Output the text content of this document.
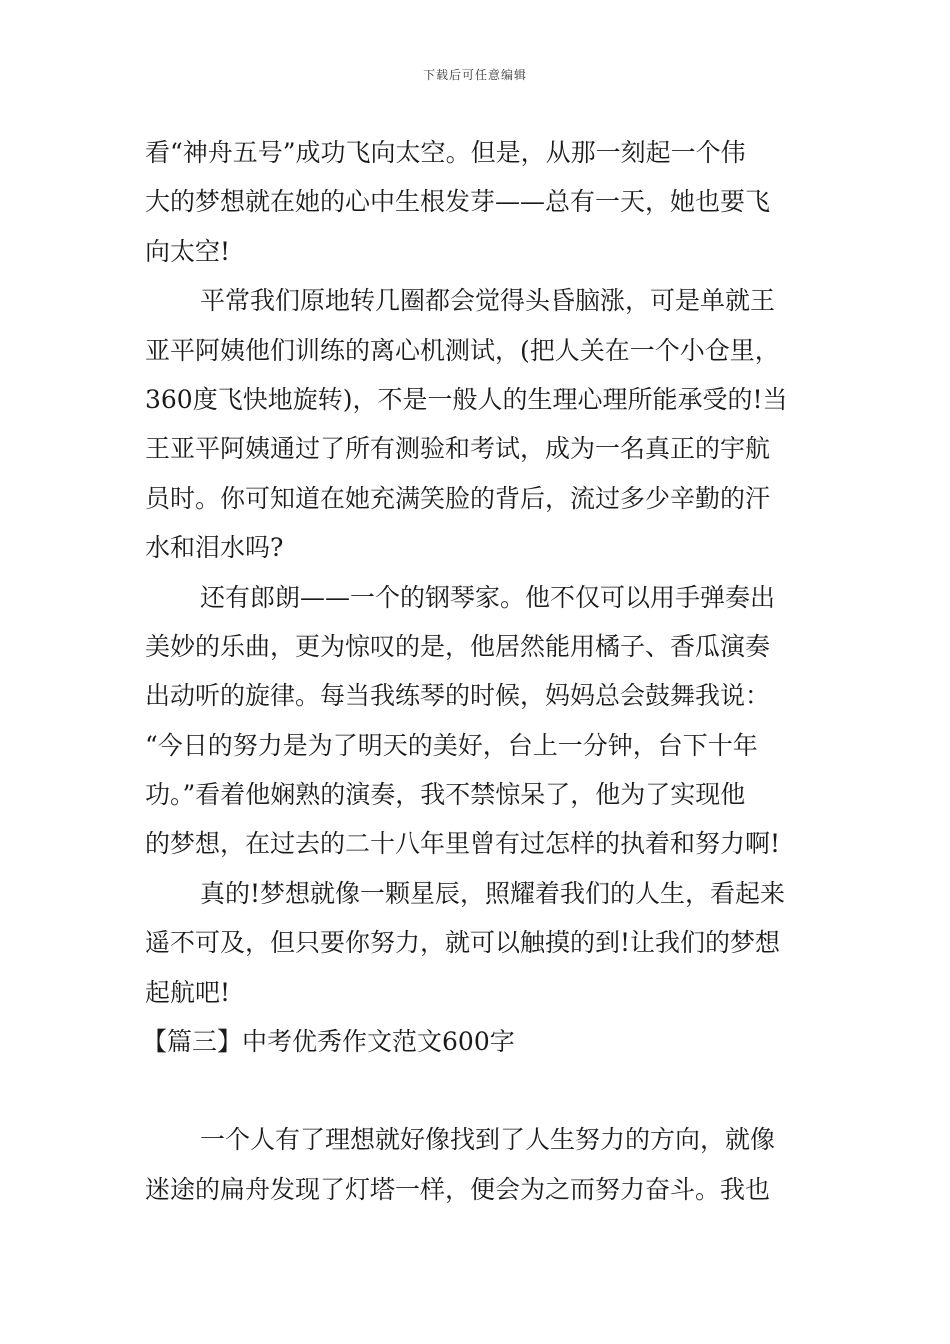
下载后可任意编辑
看“神舟五号”成功飞向太空。但是，从那一刻起一个伟
大的梦想就在她的心中生根发芽——总有一天，她也要飞
向太空!
平常我们原地转几圈都会觉得头昏脑涨，可是单就王
亚平阿姨他们训练的离心机测试，(把人关在一个小仓里，
360度飞快地旋转)，不是一般人的生理心理所能承受的!当
王亚平阿姨通过了所有测验和考试，成为一名真正的宇航
员时。你可知道在她充满笑脸的背后，流过多少辛勤的汗
水和泪水吗?
还有郎朗——一个的钢琴家。他不仅可以用手弹奏出
美妙的乐曲，更为惊叹的是，他居然能用橘子、香瓜演奏
出动听的旋律。每当我练琴的时候，妈妈总会鼓舞我说：
“今日的努力是为了明天的美好，台上一分钟，台下十年
功。”看着他娴熟的演奏，我不禁惊呆了，他为了实现他
的梦想，在过去的二十八年里曾有过怎样的执着和努力啊!
真的!梦想就像一颗星辰，照耀着我们的人生，看起来
遥不可及，但只要你努力，就可以触摸的到!让我们的梦想
起航吧!
【篇三】中考优秀作文范文600字
一个人有了理想就好像找到了人生努力的方向，就像
迷途的扁舟发现了灯塔一样，便会为之而努力奋斗。我也
